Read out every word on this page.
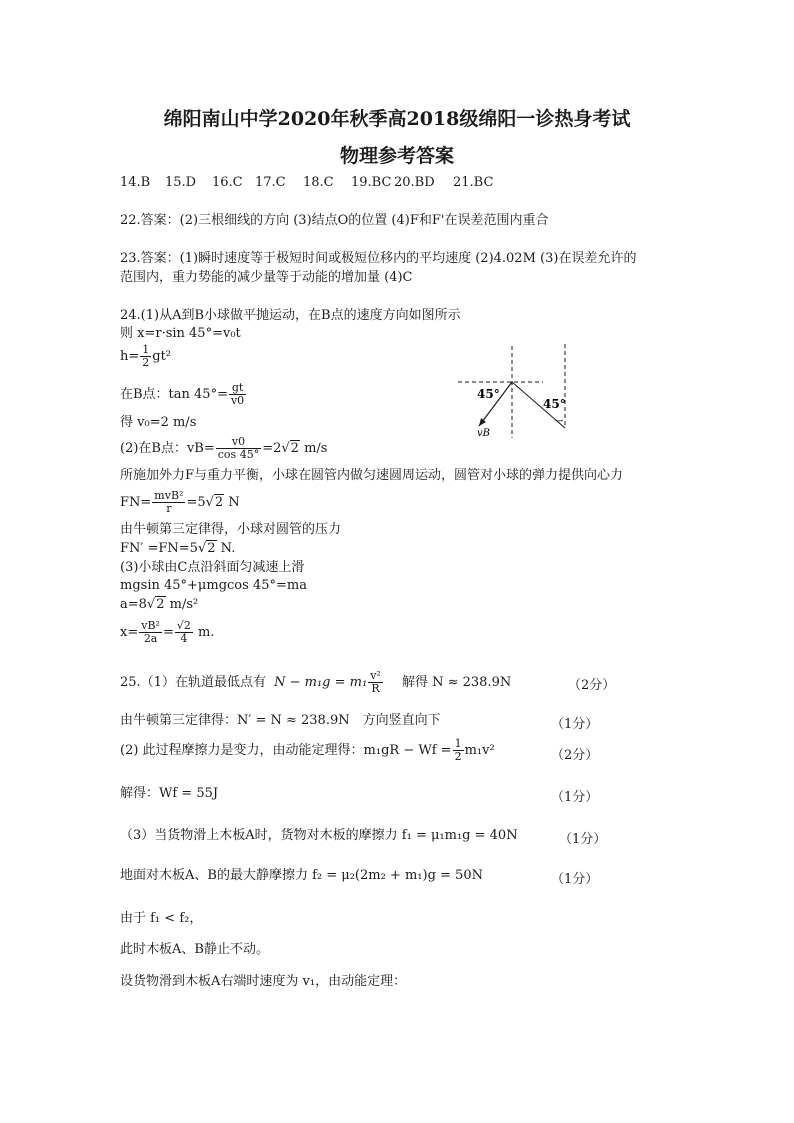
绵阳南山中学2020年秋季高2018级绵阳一诊热身考试
物理参考答案
14.B 15.D 16.C 17.C 18.C 19.BC 20.BD 21.BC
22.答案：(2)三根细线的方向 (3)结点O的位置 (4)F和F'在误差范围内重合
23.答案：(1)瞬时速度等于极短时间或极短位移内的平均速度 (2)4.02M (3)在误差允许的
范围内，重力势能的减少量等于动能的增加量 (4)C
24.(1)从A到B小球做平抛运动，在B点的速度方向如图所示
则 x=r·sin 45°=v₀t
$h= \frac{1}{2} gt^2$
在B点：$\tan 45^\circ= \frac{gt}{v0}$
得 v₀=2 m/s
(2)在B点：$vB= \frac{v0}{\cos 45^\circ} =2√2$ m/s
所施加外力F与重力平衡，小球在圆管内做匀速圆周运动，圆管对小球的弹力提供向心力
$FN= \frac{\text{mvB²}}{r} =5√2$ N
由牛顿第三定律得，小球对圆管的压力
FN′ =FN=5√2 N.
(3)小球由C点沿斜面匀减速上滑
mgsin 45°+μmgcos 45°=ma
a=8√2 m/s²
$x= \frac{\text{vB²}}{2a} = \frac{√2}{4} m$.
45°
45°
vB
25.（1）在轨道最低点有 $N - m_1g = m_1 \frac{\text{v²}}{R}$ 解得 N ≈ 238.9N	（2分）
由牛顿第三定律得：N′ = N ≈ 238.9N　方向竖直向下	（1分）
(2) 此过程摩擦力是变力，由动能定理得：$m_1gR - Wf = \frac{1}{2} m_1v^2$	（2分）
解得：Wf = 55J	（1分）
（3）当货物滑上木板A时，货物对木板的摩擦力 f₁ = μ₁m₁g = 40N	（1分）
地面对木板A、B的最大静摩擦力 f₂ = μ₂(2m₂ + m₁)g = 50N	（1分）
由于 f₁ < f₂，
此时木板A、B静止不动。
设货物滑到木板A右端时速度为 v₁，由动能定理：
